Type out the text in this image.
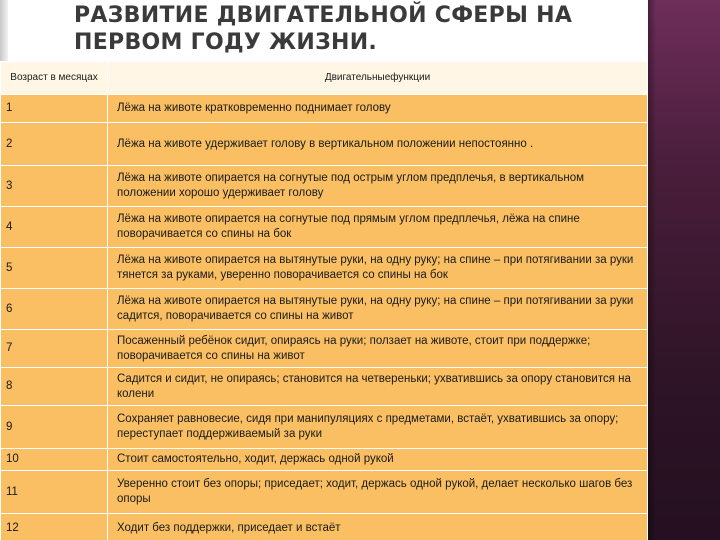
РАЗВИТИЕ ДВИГАТЕЛЬНОЙ СФЕРЫ НА ПЕРВОМ ГОДУ ЖИЗНИ.
Возраст в месяцах	Двигательныефункции
1	Лёжа на животе кратковременно поднимает голову
2	Лёжа на животе удерживает голову в вертикальном положении непостоянно .
3	Лёжа на животе опирается на согнутые под острым углом предплечья, в вертикальном положении хорошо удерживает голову
4	Лёжа на животе опирается на согнутые под прямым углом предплечья, лёжа на спине поворачивается со спины на бок
5	Лёжа на животе опирается на вытянутые руки, на одну руку; на спине – при потягивании за руки тянется за руками, уверенно поворачивается со спины на бок
6	Лёжа на животе опирается на вытянутые руки, на одну руку; на спине – при потягивании за руки садится, поворачивается со спины на живот
7	Посаженный ребёнок сидит, опираясь на руки; ползает на животе, стоит при поддержке; поворачивается со спины на живот
8	Садится и сидит, не опираясь; становится на четвереньки; ухватившись за опору становится на колени
9	Сохраняет равновесие, сидя при манипуляциях с предметами, встаёт, ухватившись за опору; переступает поддерживаемый за руки
10	Стоит самостоятельно, ходит, держась одной рукой
11	Уверенно стоит без опоры; приседает; ходит, держась одной рукой, делает несколько шагов без опоры
12	Ходит без поддержки, приседает и встаёт
